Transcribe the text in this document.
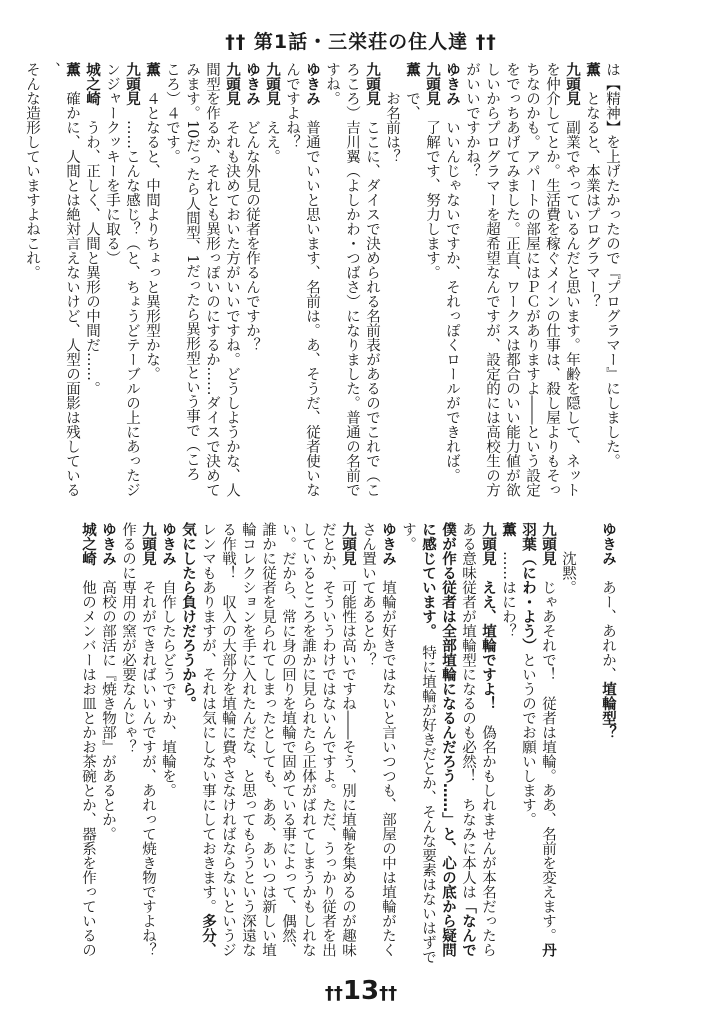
†† 第1話・三栄荘の住人達 ††
は【精神】を上げたかったので『プログラマー』にしました。
薫　となると、本業はプログラマー？
九頭見　副業でやっているんだと思います。年齢を隠して、ネット
を仲介してとか。生活費を稼ぐメインの仕事は、殺し屋よりもそっ
ちなのかも。アパートの部屋にはＰＣがありますよ――という設定
をでっちあげてみました。正直、ワークスは都合のいい能力値が欲
しいからプログラマーを超希望なんですが、設定的には高校生の方
がいいですかね？
ゆきみ　いいんじゃないですか、それっぽくロールができれば。
九頭見　了解です、努力します。
薫　で、
　　お名前は？
九頭見　ここに、ダイスで決められる名前表があるのでこれで（こ
ろころ）吉川翼（よしかわ・つばさ）になりました。普通の名前で
すね。
ゆきみ　普通でいいと思います、名前は。あ、そうだ、従者使いな
んですよね？
九頭見　ええ。
ゆきみ　どんな外見の従者を作るんですか？
九頭見　それも決めておいた方がいいですね。どうしようかな、人
間型を作るか、それとも異形っぽいのにするか……ダイスで決めて
みます。10だったら人間型、1だったら異形型という事で（ころ
ころ）４です。
薫　４となると、中間よりちょっと異形型かな。
九頭見　……こんな感じ？（と、ちょうどテーブルの上にあったジ
ンジャークッキーを手に取る）
城之崎　うわ、正しく、人間と異形の中間だ……。
薫　確かに、人間とは絶対言えないけど、人型の面影は残している、
そんな造形していますよねこれ。
ゆきみ　あー、あれか、埴輪型？

　　沈黙。
九頭見　じゃあそれで！　従者は埴輪。ああ、名前を変えます。丹
羽葉（にわ・よう）というのでお願いします。
薫　……はにわ？
九頭見　ええ、埴輪ですよ！　偽名かもしれませんが本名だったら
ある意味従者が埴輪型になるのも必然！　ちなみに本人は「なんで
僕が作る従者は全部埴輪になるんだろう……」と、心の底から疑問
に感じています。　特に埴輪が好きだとか、そんな要素はないはずで
す。
ゆきみ　埴輪が好きではないと言いつつも、部屋の中は埴輪がたく
さん置いてあるとか？
九頭見　可能性は高いですね――そう、別に埴輪を集めるのが趣味
だとか、そういうわけではないんですよ。ただ、うっかり従者を出
しているところを誰かに見られたら正体がばれてしまうかもしれな
い。だから、常に身の回りを埴輪で固めている事によって、偶然、
誰かに従者を見られてしまったとしても、ああ、あいつは新しい埴
輪コレクションを手に入れたんだな、と思ってもらうという深遠な
る作戦！　収入の大部分を埴輪に費やさなければならないというジ
レンマもありますが、それは気にしない事にしておきます。多分、
気にしたら負けだろうから。
ゆきみ　自作したらどうですか、埴輪を。
九頭見　それができればいいんですが、あれって焼き物ですよね？
作るのに専用の窯が必要なんじゃ？
ゆきみ　高校の部活に『焼き物部』があるとか。
城之崎　他のメンバーはお皿とかお茶碗とか、器系を作っているの
††13††
